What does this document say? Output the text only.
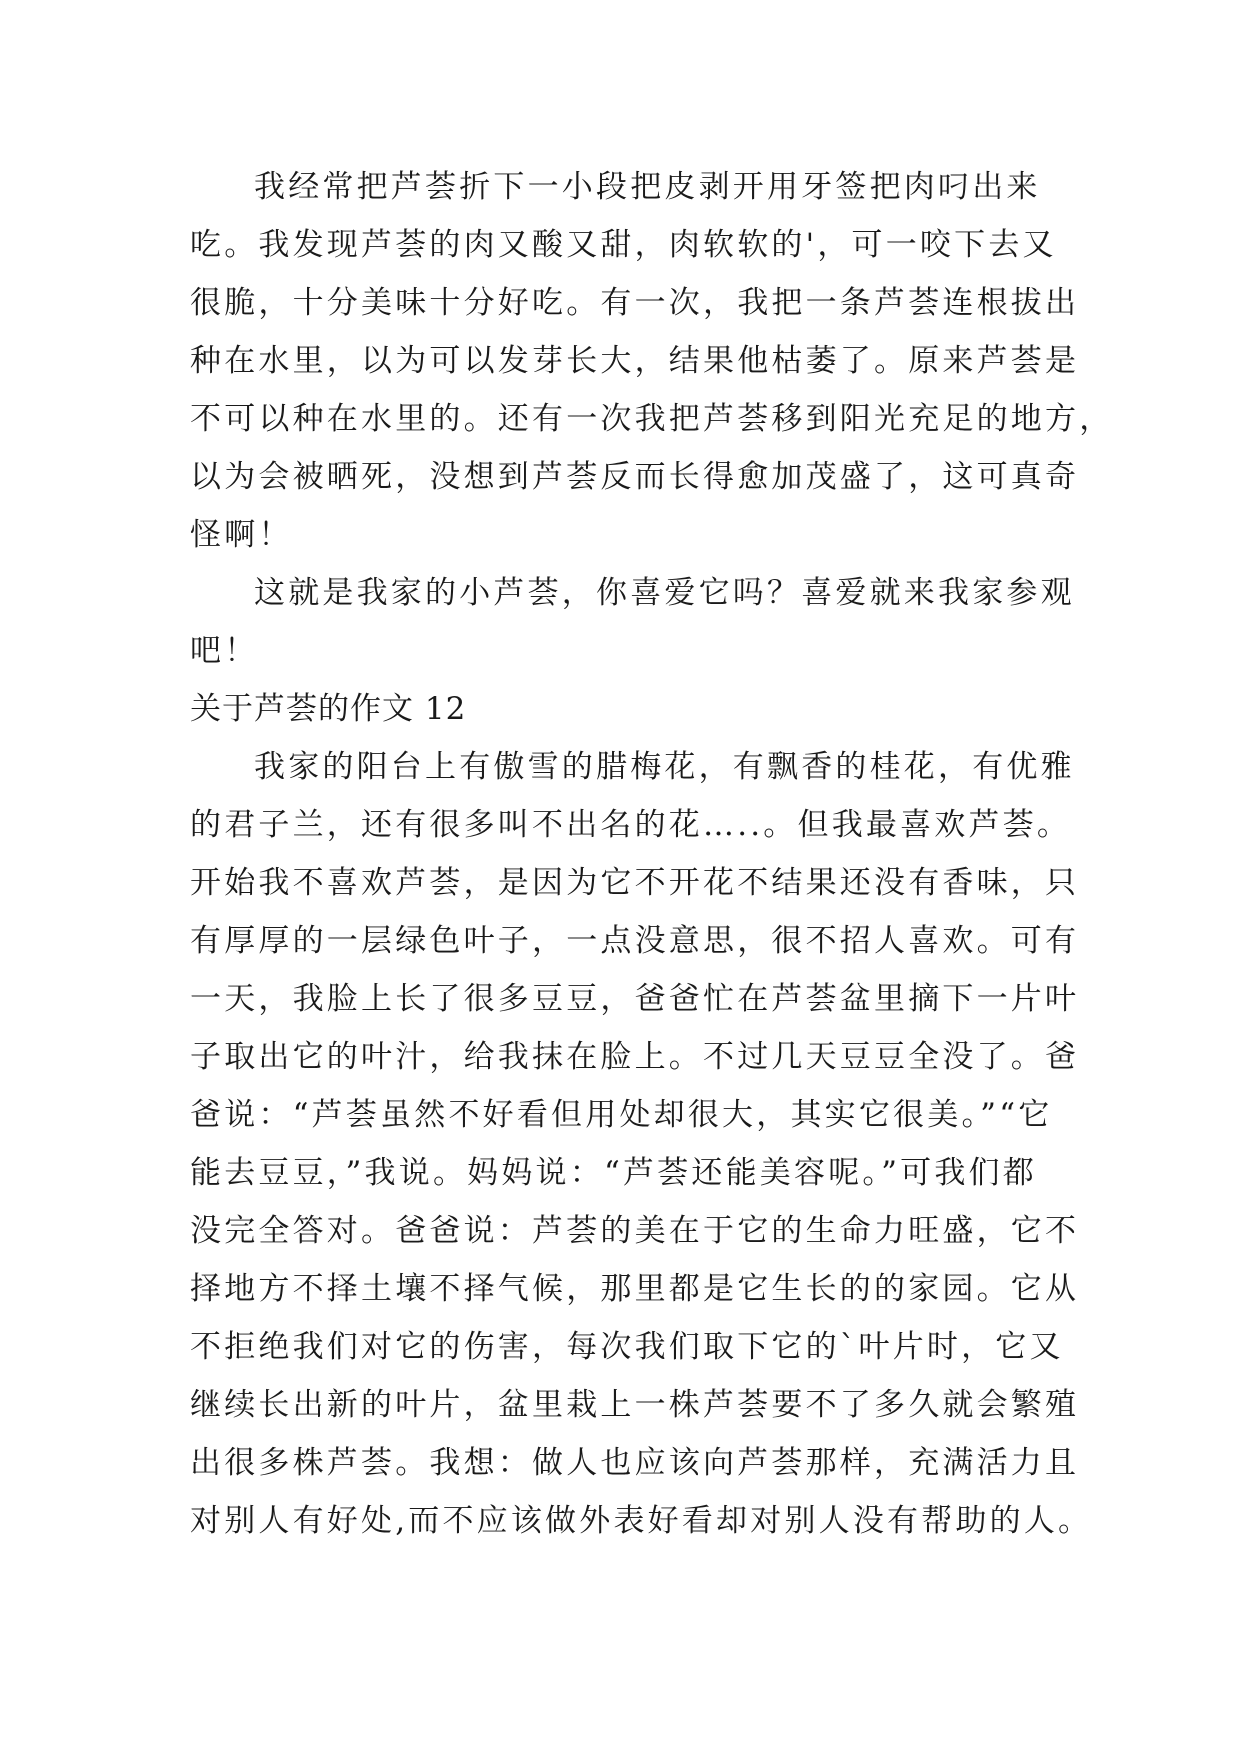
我经常把芦荟折下一小段把皮剥开用牙签把肉叼出来
吃。我发现芦荟的肉又酸又甜，肉软软的'，可一咬下去又
很脆，十分美味十分好吃。有一次，我把一条芦荟连根拔出
种在水里，以为可以发芽长大，结果他枯萎了。原来芦荟是
不可以种在水里的。还有一次我把芦荟移到阳光充足的地方，
以为会被晒死，没想到芦荟反而长得愈加茂盛了，这可真奇
怪啊！
这就是我家的小芦荟，你喜爱它吗？喜爱就来我家参观
吧！
关于芦荟的作文 12
我家的阳台上有傲雪的腊梅花，有飘香的桂花，有优雅
的君子兰，还有很多叫不出名的花…..。但我最喜欢芦荟。
开始我不喜欢芦荟，是因为它不开花不结果还没有香味，只
有厚厚的一层绿色叶子，一点没意思，很不招人喜欢。可有
一天，我脸上长了很多豆豆，爸爸忙在芦荟盆里摘下一片叶
子取出它的叶汁，给我抹在脸上。不过几天豆豆全没了。爸
爸说：“芦荟虽然不好看但用处却很大，其实它很美。”“它
能去豆豆，”我说。妈妈说：“芦荟还能美容呢。”可我们都
没完全答对。爸爸说：芦荟的美在于它的生命力旺盛，它不
择地方不择土壤不择气候，那里都是它生长的的家园。它从
不拒绝我们对它的伤害，每次我们取下它的`叶片时，它又
继续长出新的叶片，盆里栽上一株芦荟要不了多久就会繁殖
出很多株芦荟。我想：做人也应该向芦荟那样，充满活力且
对别人有好处,而不应该做外表好看却对别人没有帮助的人。
